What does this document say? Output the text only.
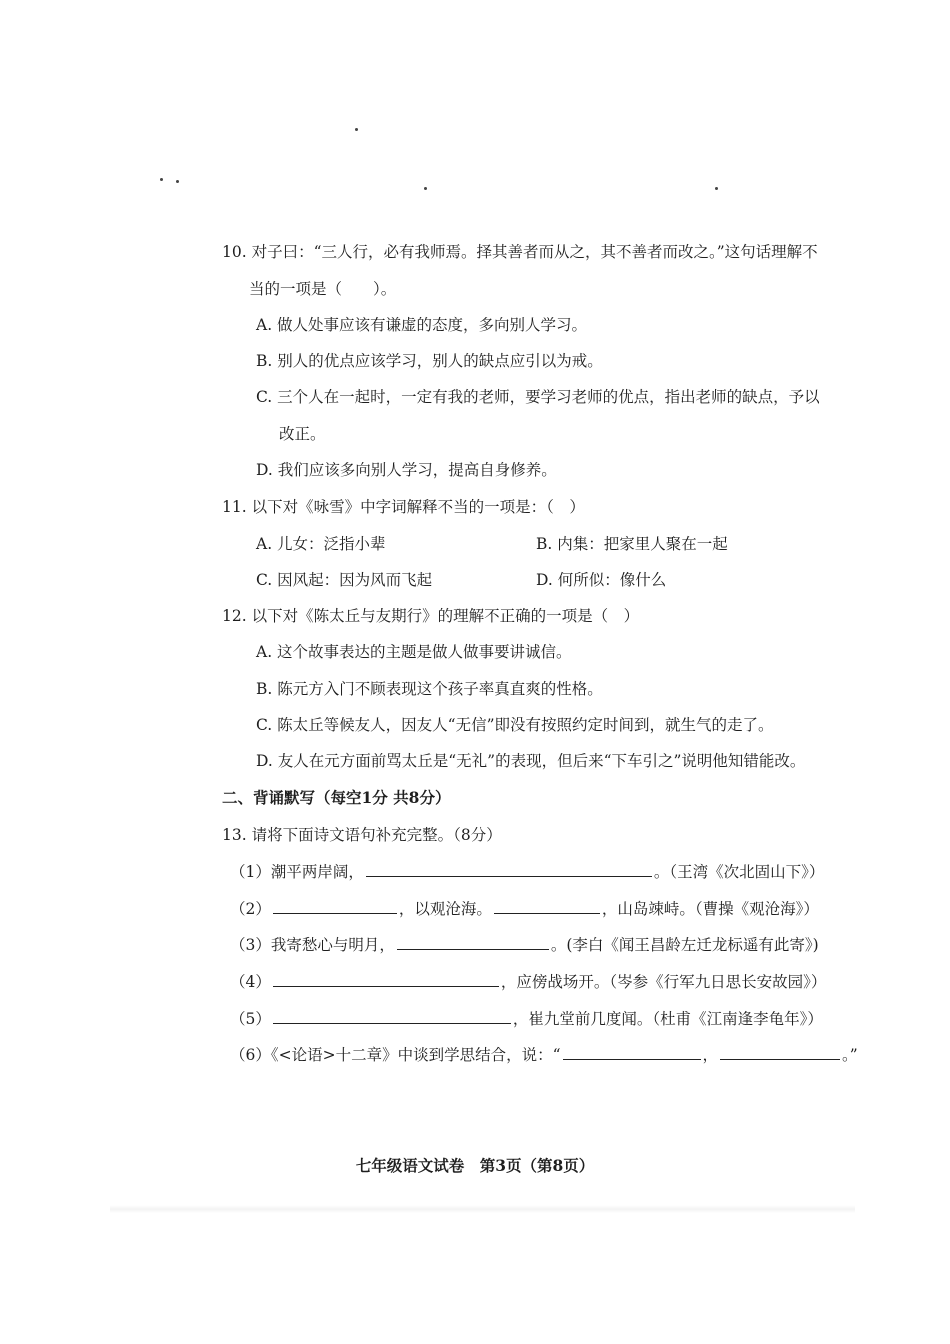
10. 对子曰：“三人行，必有我师焉。择其善者而从之，其不善者而改之。”这句话理解不
当的一项是（　　）。
A. 做人处事应该有谦虚的态度，多向别人学习。
B. 别人的优点应该学习，别人的缺点应引以为戒。
C. 三个人在一起时，一定有我的老师，要学习老师的优点，指出老师的缺点，予以
改正。
D. 我们应该多向别人学习，提高自身修养。
11. 以下对《咏雪》中字词解释不当的一项是：（　）
A. 儿女：泛指小辈	B. 内集：把家里人聚在一起
C. 因风起：因为风而飞起	D. 何所似：像什么
12. 以下对《陈太丘与友期行》的理解不正确的一项是（　）
A. 这个故事表达的主题是做人做事要讲诚信。
B. 陈元方入门不顾表现这个孩子率真直爽的性格。
C. 陈太丘等候友人，因友人“无信”即没有按照约定时间到，就生气的走了。
D. 友人在元方面前骂太丘是“无礼”的表现，但后来“下车引之”说明他知错能改。
二、背诵默写（每空1分 共8分）
13. 请将下面诗文语句补充完整。（8分）
（1）潮平两岸阔，	。（王湾《次北固山下》）
（2）	，以观沧海。	，山岛竦峙。（曹操《观沧海》）
（3）我寄愁心与明月，	。(李白《闻王昌龄左迁龙标遥有此寄》)
（4）	，应傍战场开。（岑参《行军九日思长安故园》）
（5）	，崔九堂前几度闻。（杜甫《江南逢李龟年》）
（6）《<论语>十二章》中谈到学思结合，说：“	，	。”
七年级语文试卷　第3页（第8页）
